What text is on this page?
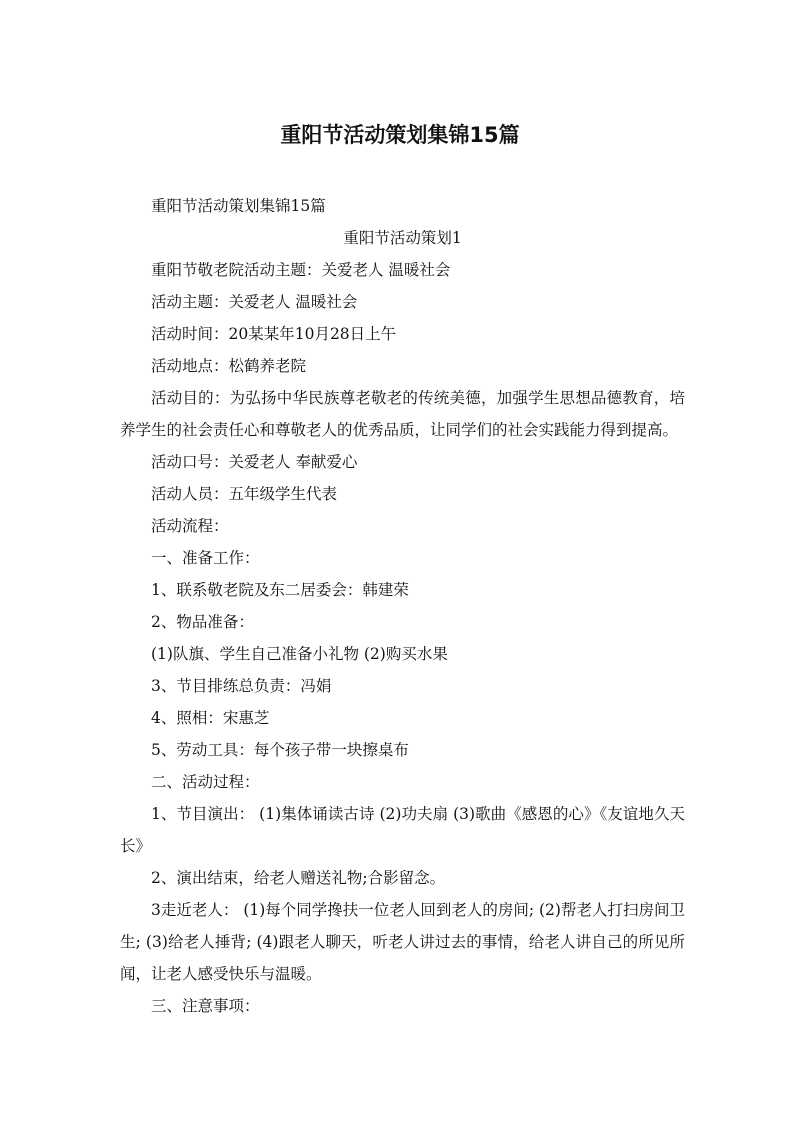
重阳节活动策划集锦15篇

重阳节活动策划集锦15篇

重阳节活动策划1

重阳节敬老院活动主题：关爱老人 温暖社会

活动主题：关爱老人 温暖社会

活动时间：20某某年10月28日上午

活动地点：松鹤养老院

活动目的：为弘扬中华民族尊老敬老的传统美德，加强学生思想品德教育，培养学生的社会责任心和尊敬老人的优秀品质，让同学们的社会实践能力得到提高。

活动口号：关爱老人 奉献爱心

活动人员：五年级学生代表

活动流程：

一、准备工作：

1、联系敬老院及东二居委会：韩建荣

2、物品准备：

(1)队旗、学生自己准备小礼物 (2)购买水果

3、节目排练总负责：冯娟

4、照相：宋惠芝

5、劳动工具：每个孩子带一块擦桌布

二、活动过程：

1、节目演出： (1)集体诵读古诗 (2)功夫扇 (3)歌曲《感恩的心》《友谊地久天长》

2、演出结束，给老人赠送礼物;合影留念。

3走近老人： (1)每个同学搀扶一位老人回到老人的房间; (2)帮老人打扫房间卫生; (3)给老人捶背; (4)跟老人聊天，听老人讲过去的事情，给老人讲自己的所见所闻，让老人感受快乐与温暖。

三、注意事项：
